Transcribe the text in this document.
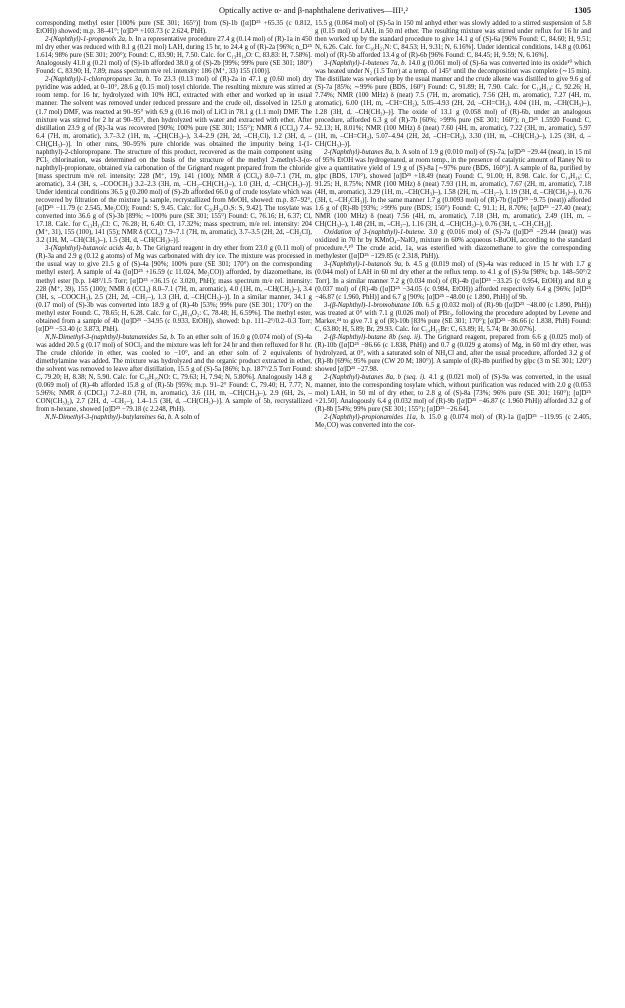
Optically active α- and β-naphthalene derivatives—III¹,²	1305

corresponding methyl ester [100% pure (SE 301; 165°)] from (S)-1b ([α]D²⁵ +65.35 (c 0.812, EtOH)) showed; m.p. 38–41°; [α]D²⁵ +103.73 (c 2.624, PhH).

2-(Naphthyl)-1-propanols 2a, b. In a representative procedure 27.4 g (0.14 mol) of (R)-1a in 450 ml dry ether was reduced with 8.1 g (0.21 mol) LAH, during 15 hr, to 24.4 g of (R)-2a [96%; n_D²⁵ 1.614; 98% pure (SE 301; 200°); Found: C, 83.90; H, 7.50. Calc. for C₁₃H₁₄O: C, 83.83: H, 7.58%]. Analogously 41.0 g (0.21 mol) of (S)-1b afforded 38.0 g of (S)-2b [99%; 99% pure (SE 301; 180°) Found: C, 83.90; H, 7.89; mass spectrum m/e rel. intensity: 186 (M⁺, 33) 155 (100)].

2-(Naphthyl)-1-chloropropanes 3a, b. To 23.3 (0.13 mol) of (R)-2a in 47.1 g (0.60 mol) dry pyridine was added, at 0–10°, 28.6 g (0.15 mol) tosyl chloride. The resulting mixture was stirred at room temp. for 16 hr, hydrolyzed with 10% HCl, extracted with ether and worked up in usual manner. The solvent was removed under reduced pressure and the crude oil, dissolved in 125.0 g (1.7 mol) DMF, was reacted at 90–95° with 6.9 g (0.16 mol) of LiCl in 78.1 g (1.1 mol) DMF. The mixture was stirred for 2 hr at 90–95°, then hydrolyzed with water and extracted with ether. After distillation 23.9 g of (R)-3a was recovered [90%; 100% pure (SE 301; 155°); NMR δ (CCl₄) 7.4–6.4 (7H, m, aromatic), 3.7–3.2 (1H, m, –C̲H(CH₃)–), 3.4–2.9 (2H, 2d, –CH₂Cl), 1.2 (3H, d, –CH(C̲H₃)–)]. In other runs, 90–95% pure chloride was obtained the impurity being 1-(1-naphthyl)-2-chloropropane. The structure of this product, recovered as the main component using PCl₅ chlorination, was determined on the basis of the structure of the methyl 2-methyl-3-(α-naphthyl)-propionate, obtained via carbonation of the Grignard reagent prepared from the chloride [mass spectrum m/e rel. intensity: 228 (M⁺, 19), 141 (100); NMR δ (CCl₄) 8.0–7.1 (7H, m, aromatic), 3.4 (3H, s, –COOCH₃) 3.2–2.3 (3H, m, –CH₂–CH(CH₃)–), 1.0 (3H, d, –CH(CH₃)–)]. Under identical conditions 36.5 g (0.200 mol) of (S)-2b afforded 66.0 g of crude tosylate which was recovered by filtration of the mixture [a sample, recrystallized from MeOH, showed: m.p. 87–92°, [α]D²⁵ −11.79 (c 2.545, Me₂CO); Found: S, 9.45. Calc. for C₂₀H₂₀O₃S: S, 9.42]. The tosylate was converted into 36.6 g of (S)-3b [89%; ∼100% pure (SE 301; 155°) Found: C, 76.16; H, 6.37; Cl, 17.18. Calc. for C₁₃H₁₃Cl: C, 76.28; H, 6.40: Cl, 17.32%; mass spectrum, m/e rel. intensity: 204 (M⁺, 31), 155 (100), 141 (55); NMR δ (CCl₄) 7.9–7.1 (7H, m, aromatic), 3.7–3.5 (2H, 2d, –CH₂Cl), 3.2 (1H, M, –CH(CH₃)–), 1.5 (3H, d, –CH(CH₃)–)].

3-(Naphthyl)-butanoic acids 4a, b. The Grignard reagent in dry ether from 23.0 g (0.11 mol) of (R)-3a and 2.9 g (0.12 g atoms) of Mg was carbonated with dry ice. The mixture was processed in the usual way to give 21.5 g of (S)-4a [90%; 100% pure (SE 301; 170°) on the corresponding methyl ester]. A sample of 4a ([α]D²⁵ +16.59 (c 11.024, Me₂CO)) afforded, by diazomethane, its methyl ester [b.p. 148°/1.5 Torr; [α]D²⁵ +36.15 (c 3.020, PhH); mass spectrum m/e rel. intensity: 228 (M⁺, 39), 155 (100); NMR δ (CCl₄) 8.0–7.1 (7H, m, aromatic), 4.0 (1H, m, –CH(CH₃)–), 3.4 (3H, s, –COOCH₃), 2.5 (2H, 2d, –CH₂–), 1.3 (3H, d, –CH(CH₃)–)]. In a similar manner, 34.1 g (0.17 mol) of (S)-3b was converted into 18.9 g of (R)-4b [53%; 99% pure (SE 301; 170°) on the methyl ester Found: C, 78.65; H, 6.28. Calc. for C₁₄H₁₄O₂: C, 78.48; H, 6.59%]. The methyl ester, obtained from a sample of 4b ([α]D²⁵ −34.95 (c 0.933, EtOH)), showed: b.p. 111–2°/0.2–0.3 Torr; [α]D²⁵ −53.40 (c 3.873, PhH).

N,N-Dimethyl-3-(naphthyl)-butanamides 5a, b. To an ether soln of 16.0 g (0.074 mol) of (S)-4a was added 20.5 g (0.17 mol) of SOCl₂ and the mixture was left for 24 hr and then refluxed for 8 hr. The crude chloride in ether, was cooled to −10°, and an ether soln of 2 equivalents of dimethylamine was added. The mixture was hydrolyzed and the organic product extracted in ether, the solvent was removed to leave after distillation, 15.5 g of (S)-5a [86%; b.p. 187°/2.5 Torr Found: C, 79.20; H, 8.38; N, 5.90. Calc. for C₁₆H₁₉NO: C, 79.63; H, 7.94; N, 5.80%]. Analogously 14.8 g (0.069 mol) of (R)-4b afforded 15.8 g of (R)-5b [95%; m.p. 91–2° Found: C, 79.40; H, 7.77; N, 5.96%; NMR δ (CDCl₃) 7.2–8.0 (7H, m, aromatic), 3.6 (1H, m, –CH(CH₃)–), 2.9 (6H, 2s, –CON(CH₃)₂), 2.7 (2H, d, –CH₂–), 1.4–1.5 (3H, d, –CH(CH₃)–)]. A sample of 5b, recrystallized from n-hexane, showed [α]D²⁵ −79.18 (c 2.248, PhH).

N,N-Dimethyl-3-(naphthyl)-butylamines 6a, b. A soln of

15.5 g (0.064 mol) of (S)-5a in 150 ml anhyd ether was slowly added to a stirred suspension of 5.8 g (0.15 mol) of LAH, in 50 ml ether. The resulting mixture was stirred under reflux for 16 hr and then worked up by the standard procedure to give 14.1 g of (S)-6a [96% Found: C, 84.60; H, 9.51; N, 6.26. Calc. for C₁₆H₂₁N: C, 84.53; H, 9.31; N, 6.16%]. Under identical conditions, 14.8 g (0.061 mol) of (R)-5b afforded 13.4 g of (R)-6b [96% Found: C, 84.45; H, 9.59; N, 6.16%].

3-(Naphthyl)-1-butenes 7a, b. 14.0 g (0.061 mol) of (S)-6a was converted into its oxide¹⁰ which was heated under N₂ (1.5 Torr) at a temp. of 145° until the decomposition was complete (∼15 min). The distillate was worked up by the usual manner and the crude alkene was distilled to give 9.6 g of (S)-7a [85%; ∼99% pure (BDS, 160°) Found: C, 91.89; H, 7.90. Calc. for C₁₄H₁₄: C, 92.26; H, 7.74%; NMR (100 MHz) δ (neat) 7.5 (7H, m, aromatic), 7.56 (2H, m, aromatic), 7.27 (4H, m, aromatic), 6.00 (1H, m, –CH=CH₂), 5.05–4.93 (2H, 2d, –CH=CH₂), 4.04 (1H, m, –CH(CH₃)–), 1.28 (3H, d, –CH(CH₃)–)]. The oxide of 13.1 g (0.058 mol) of (R)-6b, under an analogous procedure, afforded 6.3 g of (R)-7b [60%; >99% pure (SE 301; 160°); n_D²⁵ 1.5920 Found: C, 92.13; H, 8.01%; NMR (100 MHz) δ (neat) 7.60 (4H, m, aromatic), 7.22 (3H, m, aromatic), 5.97 (1H, m, –CH=CH₂), 5.07–4.94 (2H, 2d, –CH=CH₂), 3.30 (1H, m, –CH(CH₃)–), 1.25 (3H, d, –CH(CH₃)–)].

2-(Naphthyl)-butanes 8a, b. A soln of 1.9 g (0.010 mol) of (S)-7a, [α]D²⁵ −29.44 (neat), in 15 ml of 95% EtOH was hydrogenated, at room temp., in the presence of catalytic amount of Raney Ni to give a quantitative yield of 1.9 g of (S)-8a [∼97% pure (BDS, 160°)]. A sample of 8a, purified by glpc (BDS, 170°), showed [α]D²⁵ +18.49 (neat) Found: C, 91.00; H, 8.98. Calc. for C₁₄H₁₆: C, 91.25; H, 8.75%; NMR (100 MHz) δ (neat) 7.93 (1H, m, aromatic), 7.67 (2H, m, aromatic), 7.18 (4H, m, aromatic), 3.29 (1H, m, –CH(CH₃)–), 1.58 (2H, m, –CH₂–), 1.19 (3H, d, –CH(CH₃)–), 0.76 (3H, t, –CH₂CH₃)]. In the same manner 1.7 g (0.0093 mol) of (R)-7b ([α]D²⁵ −9.75 (neat)) afforded 1.6 g of (R)-8b [93%; >99% pure (BDS; 150°) Found: C, 91.1; H, 8.70%; [α]D²⁵ −27.40 (neat); NMR (100 MHz) δ (neat) 7.56 (4H, m, aromatic), 7.18 (3H, m, aromatic), 2.49 (1H, m, –CH(CH₃)–), 1.48 (2H, m, –CH₂–), 1.16 (3H, d, –CH(CH₃)–), 0.76 (3H, t, –CH₂CH₃)].

Oxidation of 3-(naphthyl)-1-butene. 3.0 g (0.016 mol) of (S)-7a ([α]D²⁵ −29.44 (neat)) was oxidized in 70 hr by KMnO₄–NaIO₄ mixture in 60% acqueous t-BuOH, according to the standard procedure.⁴,¹⁰ The crude acid, 1a, was esterified with diazomethane to give the corresponding methylester ([α]D²⁵ −129.85 (c 2.318, PhH)).

3-(Naphthyl)-1-butanols 9a, b. 4.5 g (0.019 mol) of (S)-4a was reduced in 15 hr with 1.7 g (0.044 mol) of LAH in 60 ml dry ether at the reflux temp. to 4.1 g of (S)-9a [98%; b.p. 148–50°/2 Torr]. In a similar manner 7.2 g (0.034 mol) of (R)-4b ([α]D²⁵ −33.25 (c 0.954, EtOH)) and 8.0 g (0.037 mol) of (R)-4b ([α]D²⁵ −34.05 (c 0.984, EtOH)) afforded respectively 6.4 g [96%; [α]D²⁵ −46.87 (c 1.960, PhH)] and 6.7 g [90%; [α]D²⁵ −48.00 (c 1.890, PhH)] of 9b.

3-(β-Naphthyl)-1-bromobutane 10b. 6.5 g (0.032 mol) of (R)-9b ([α]D²⁵ −48.00 (c 1.890, PhH)) was treated at 0° with 7.1 g (0.026 mol) of PBr₃, following the procedure adopted by Levene and Marker,²⁴ to give 7.1 g of (R)-10b [83% pure (SE 301; 170°); [α]D²⁵ −86.66 (c 1.838, PhH) Found: C, 63.80; H, 5.89; Br, 29.93. Calc. for C₁₄H₁₅Br: C, 63.89; H, 5.74; Br 30.07%].

2-(β-Naphthyl)-butane 8b (seq. ii). The Grignard reagent, prepared from 6.6 g (0.025 mol) of (R)-10b ([α]D²⁵ −86.66 (c 1.838, PhH)) and 0.7 g (0.029 g atoms) of Mg, in 60 ml dry ether, was hydrolyzed, at 0°, with a saturated soln of NH₄Cl and, after the usual procedure, afforded 3.2 g of (R)-8b [69%; 95% pure (CW 20 M; 180°)]. A sample of (R)-8b purified by glpc (3 m SE 301; 120°) showed [α]D²⁵ −27.98.

2-(Naphthyl)-butanes 8a, b (seq. i). 4.1 g (0.021 mol) of (S)-9a was converted, in the usual manner, into the corresponding tosylate which, without purification was reduced with 2.0 g (0.053 mol) LAH, in 50 ml of dry ether, to 2.8 g of (S)-8a [73%; 96% pure (SE 301; 160°); [α]D²⁵ +21.50]. Analogously 6.4 g (0.032 mol) of (R)-9b ([α]D²⁵ −46.87 (c 1.960 PhH)) afforded 3.2 g of (R)-8b [54%; 99% pure (SE 301; 155°); [α]D²⁵ −26.64].

2-(Naphthyl)-propionamides 11a, b. 15.0 g (0.074 mol) of (R)-1a ([α]D²⁵ −119.95 (c 2.405, Me₂CO) was converted into the cor-
